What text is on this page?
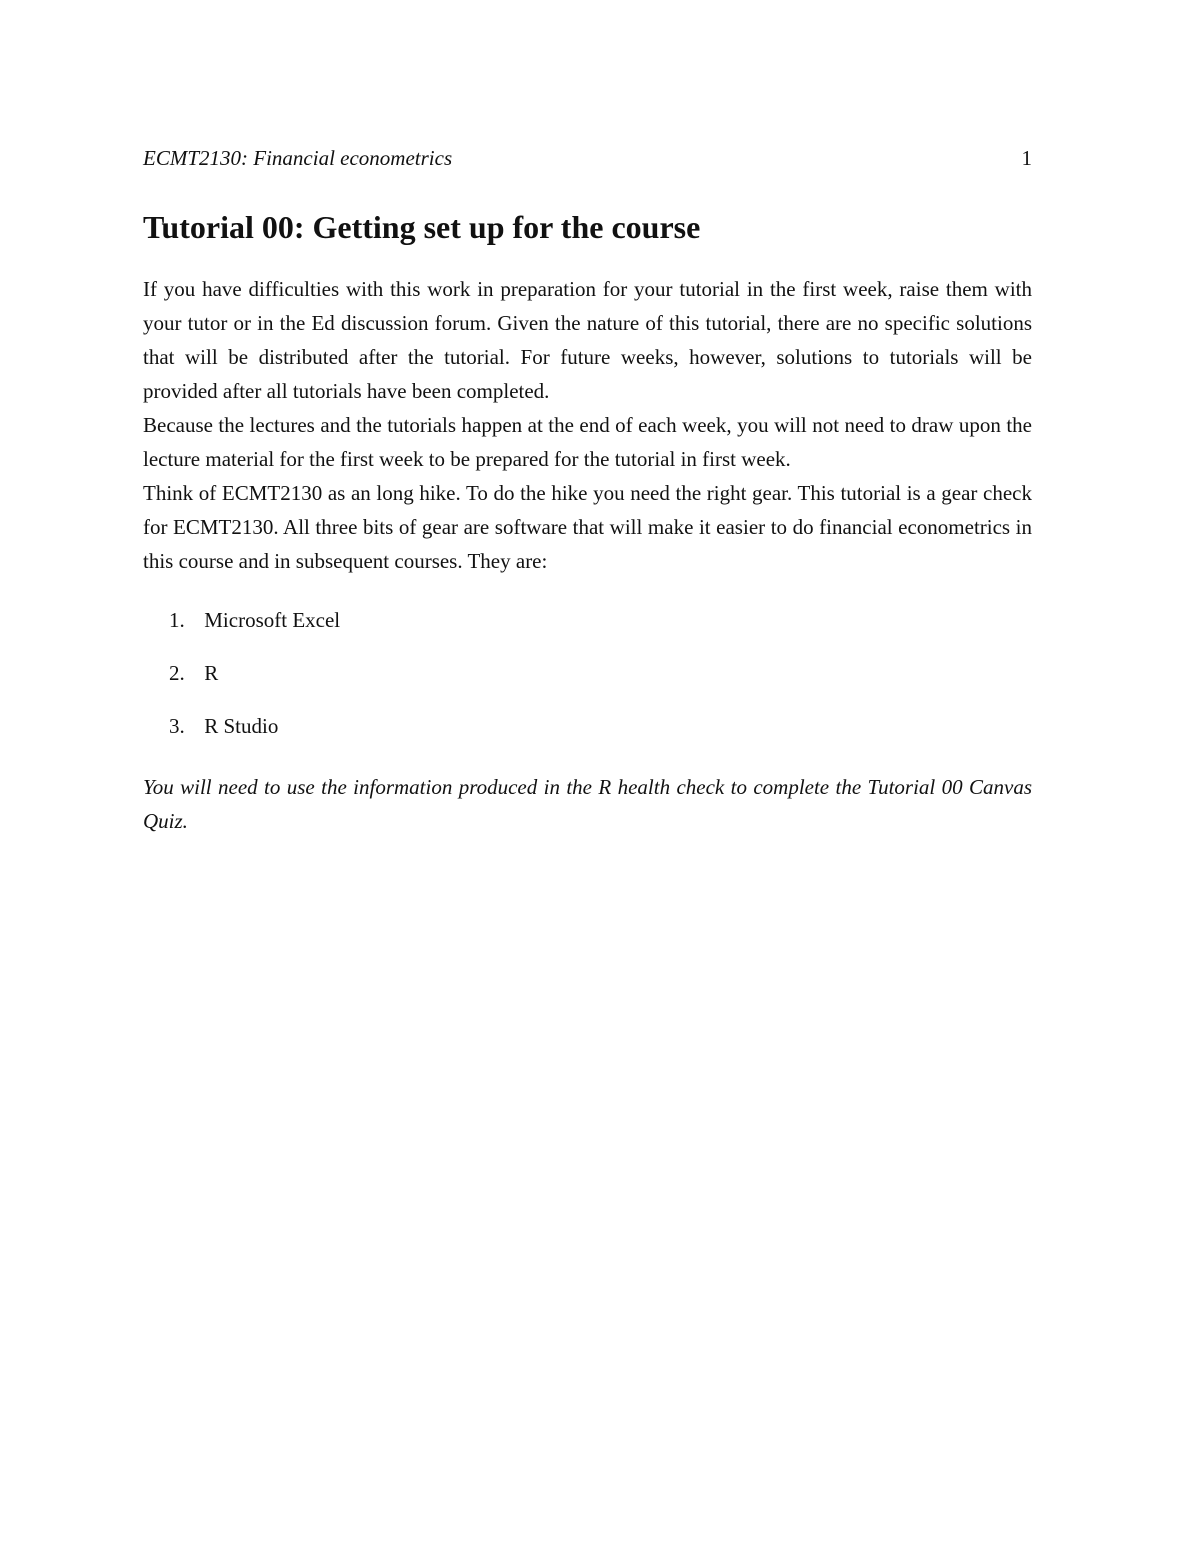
ECMT2130: Financial econometrics	1
Tutorial 00: Getting set up for the course

If you have difficulties with this work in preparation for your tutorial in the first week, raise them with your tutor or in the Ed discussion forum. Given the nature of this tutorial, there are no specific solutions that will be distributed after the tutorial. For future weeks, however, solutions to tutorials will be provided after all tutorials have been completed.

Because the lectures and the tutorials happen at the end of each week, you will not need to draw upon the lecture material for the first week to be prepared for the tutorial in first week.

Think of ECMT2130 as an long hike. To do the hike you need the right gear. This tutorial is a gear check for ECMT2130. All three bits of gear are software that will make it easier to do financial econometrics in this course and in subsequent courses. They are:

1. Microsoft Excel
2. R
3. R Studio

You will need to use the information produced in the R health check to complete the Tutorial 00 Canvas Quiz.
